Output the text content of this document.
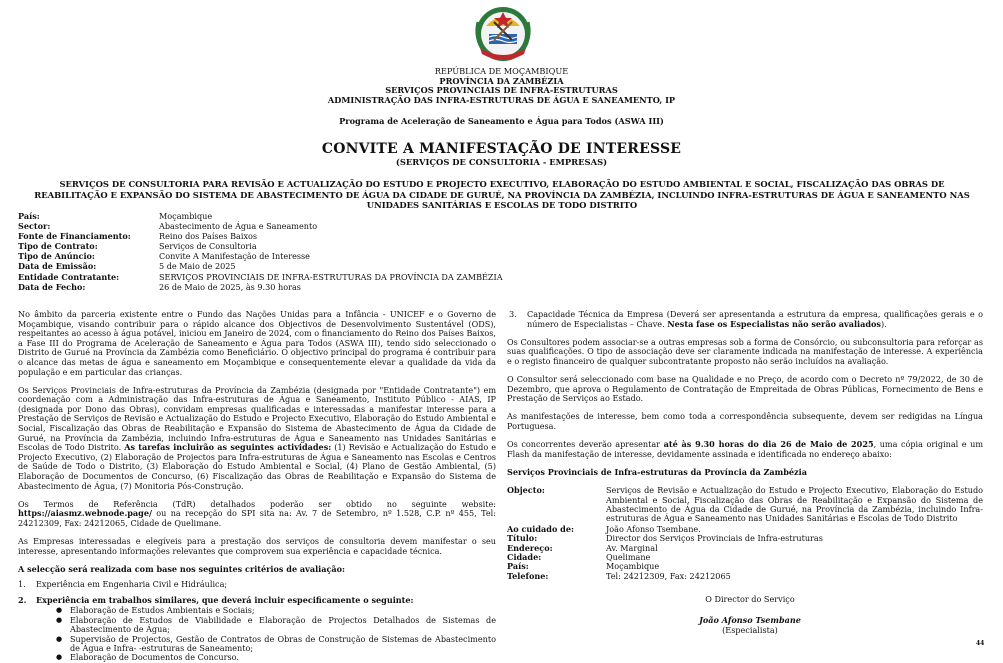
REPÚBLICA DE MOÇAMBIQUE
PROVÍNCIA DA ZAMBÉZIA
SERVIÇOS PROVINCIAIS DE INFRA-ESTRUTURAS
ADMINISTRAÇÃO DAS INFRA-ESTRUTURAS DE ÁGUA E SANEAMENTO, IP
Programa de Aceleração de Saneamento e Água para Todos (ASWA III)
CONVITE A MANIFESTAÇÃO DE INTERESSE
(SERVIÇOS DE CONSULTORIA - EMPRESAS)
SERVIÇOS DE CONSULTORIA PARA REVISÃO E ACTUALIZAÇÃO DO ESTUDO E PROJECTO EXECUTIVO, ELABORAÇÃO DO ESTUDO AMBIENTAL E SOCIAL, FISCALIZAÇÃO DAS OBRAS DE REABILITAÇÃO E EXPANSÃO DO SISTEMA DE ABASTECIMENTO DE ÁGUA DA CIDADE DE GURUÉ, NA PROVÍNCIA DA ZAMBÉZIA, INCLUINDO INFRA-ESTRUTURAS DE ÁGUA E SANEAMENTO NAS UNIDADES SANITÁRIAS E ESCOLAS DE TODO DISTRITO
País:	Moçambique
Sector:	Abastecimento de Água e Saneamento
Fonte de Financiamento:	Reino dos Países Baixos
Tipo de Contrato:	Serviços de Consultoria
Tipo de Anúncio:	Convite A Manifestação de Interesse
Data de Emissão:	5 de Maio de 2025
Entidade Contratante:	SERVIÇOS PROVINCIAIS DE INFRA-ESTRUTURAS DA PROVÍNCIA DA ZAMBÉZIA
Data de Fecho:	26 de Maio de 2025, às 9.30 horas

No âmbito da parceria existente entre o Fundo das Nações Unidas para a Infância - UNICEF e o Governo de Moçambique, visando contribuir para o rápido alcance dos Objectivos de Desenvolvimento Sustentável (ODS), respeitantes ao acesso à água potável, iniciou em Janeiro de 2024, com o financiamento do Reino dos Países Baixos, a Fase III do Programa de Aceleração de Saneamento e Água para Todos (ASWA III), tendo sido seleccionado o Distrito de Gurué na Província da Zambézia como Beneficiário. O objectivo principal do programa é contribuir para o alcance das metas de água e saneamento em Moçambique e consequentemente elevar a qualidade da vida da população e em particular das crianças.

Os Serviços Provinciais de Infra-estruturas da Província da Zambézia (designada por "Entidade Contratante") em coordenação com a Administração das Infra-estruturas de Água e Saneamento, Instituto Público - AIAS, IP (designada por Dono das Obras), convidam empresas qualificadas e interessadas a manifestar interesse para a Prestação de Serviços de Revisão e Actualização do Estudo e Projecto Executivo, Elaboração do Estudo Ambiental e Social, Fiscalização das Obras de Reabilitação e Expansão do Sistema de Abastecimento de Água da Cidade de Gurué, na Província da Zambézia, incluindo Infra-estruturas de Água e Saneamento nas Unidades Sanitárias e Escolas de Todo Distrito. As tarefas incluirão as seguintes actividades: (1) Revisão e Actualização do Estudo e Projecto Executivo, (2) Elaboração de Projectos para Infra-estruturas de Água e Saneamento nas Escolas e Centros de Saúde de Todo o Distrito, (3) Elaboração do Estudo Ambiental e Social, (4) Plano de Gestão Ambiental, (5) Elaboração de Documentos de Concurso, (6) Fiscalização das Obras de Reabilitação e Expansão do Sistema de Abastecimento de Água, (7) Monitoria Pós-Construção.

Os Termos de Referência (TdR) detalhados poderão ser obtido no seguinte website: https://aiasmz.webnode.page/ ou na recepção do SPI sita na: Av. 7 de Setembro, nº 1.528, C.P. nº 455, Tel: 24212309, Fax: 24212065, Cidade de Quelimane.

As Empresas interessadas e elegíveis para a prestação dos serviços de consultoria devem manifestar o seu interesse, apresentando informações relevantes que comprovem sua experiência e capacidade técnica.

A selecção será realizada com base nos seguintes critérios de avaliação:
1.	Experiência em Engenharia Civil e Hidráulica;
2.	Experiência em trabalhos similares, que deverá incluir especificamente o seguinte:
● Elaboração de Estudos Ambientais e Sociais;
● Elaboração de Estudos de Viabilidade e Elaboração de Projectos Detalhados de Sistemas de Abastecimento de Água;
● Supervisão de Projectos, Gestão de Contratos de Obras de Construção de Sistemas de Abastecimento de Água e Infra- -estruturas de Saneamento;
● Elaboração de Documentos de Concurso.
3.	Capacidade Técnica da Empresa (Deverá ser apresentanda a estrutura da empresa, qualificações gerais e o número de Especialistas – Chave. Nesta fase os Especialistas não serão avaliados).

Os Consultores podem associar-se a outras empresas sob a forma de Consórcio, ou subconsultoria para reforçar as suas qualificações. O tipo de associação deve ser claramente indicada na manifestação de interesse. A experiência e o registo financeiro de qualquer subcontratante proposto não serão incluídos na avaliação.

O Consultor será seleccionado com base na Qualidade e no Preço, de acordo com o Decreto nº 79/2022, de 30 de Dezembro, que aprova o Regulamento de Contratação de Empreitada de Obras Públicas, Fornecimento de Bens e Prestação de Serviços ao Estado.

As manifestações de interesse, bem como toda a correspondência subsequente, devem ser redigidas na Língua Portuguesa.

Os concorrentes deverão apresentar até às 9.30 horas do dia 26 de Maio de 2025, uma cópia original e um Flash da manifestação de interesse, devidamente assinada e identificada no endereço abaixo:

Serviços Provinciais de Infra-estruturas da Província da Zambézia
Objecto:	Serviços de Revisão e Actualização do Estudo e Projecto Executivo, Elaboração do Estudo Ambiental e Social, Fiscalização das Obras de Reabilitação e Expansão do Sistema de Abastecimento de Água da Cidade de Gurué, na Província da Zambézia, incluindo Infra-estruturas de Água e Saneamento nas Unidades Sanitárias e Escolas de Todo Distrito
Ao cuidado de:	João Afonso Tsembane.
Título:	Director dos Serviços Provinciais de Infra-estruturas
Endereço:	Av. Marginal
Cidade:	Quelimane
País:	Moçambique
Telefone:	Tel: 24212309, Fax: 24212065
O Director do Serviço
João Afonso Tsembane
(Especialista)
44
